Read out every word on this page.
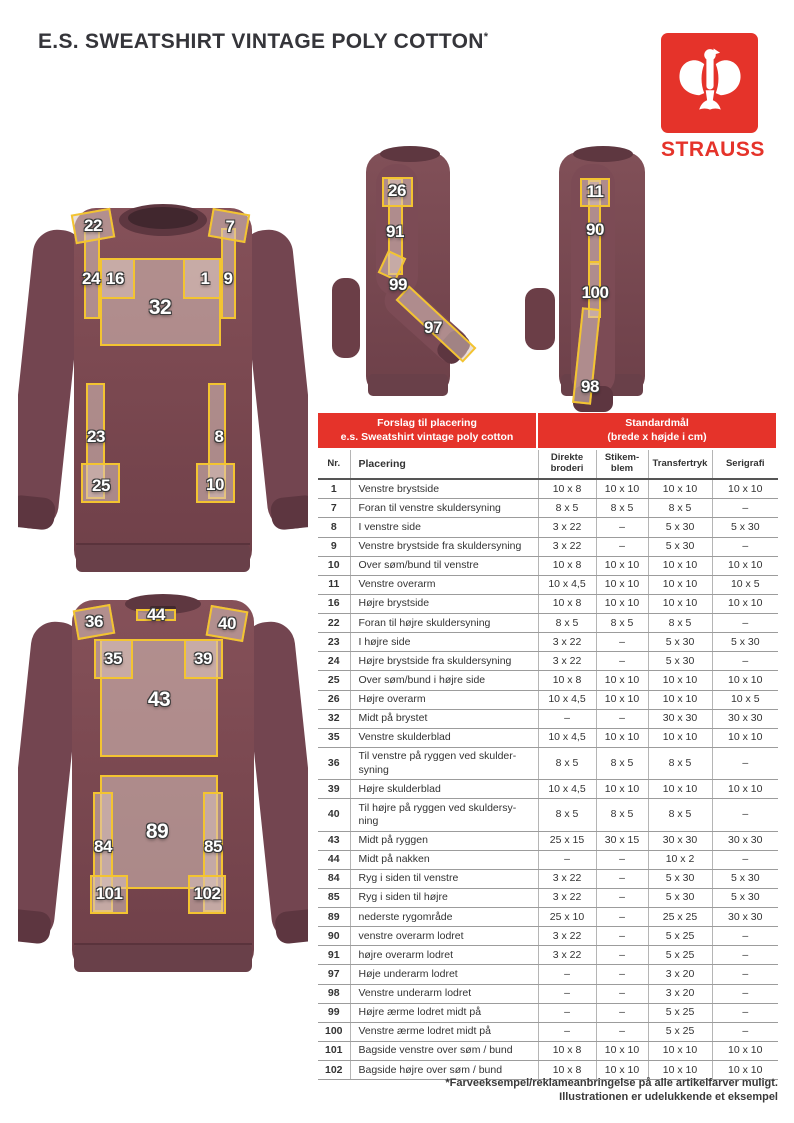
E.S. SWEATSHIRT VINTAGE POLY COTTON*
STRAUSS
24	9
32
16	1
22	7
23	8
25	10
43
35	39
36	44	40
89
84	85
101	102
91
26
99
97
90
11
100
98
Forslag til placering
e.s. Sweatshirt vintage poly cotton
Standardmål
(brede x højde i cm)
Nr.	Placering	Direkte broderi	Stikem-blem	Transfertryk	Serigrafi
1	Venstre brystside	10 x 8	10 x 10	10 x 10	10 x 10
7	Foran til venstre skuldersyning	8 x 5	8 x 5	8 x 5	–
8	I venstre side	3 x 22	–	5 x 30	5 x 30
9	Venstre brystside fra skuldersyning	3 x 22	–	5 x 30	–
10	Over søm/bund til venstre	10 x 8	10 x 10	10 x 10	10 x 10
11	Venstre overarm	10 x 4,5	10 x 10	10 x 10	10 x 5
16	Højre brystside	10 x 8	10 x 10	10 x 10	10 x 10
22	Foran til højre skuldersyning	8 x 5	8 x 5	8 x 5	–
23	I højre side	3 x 22	–	5 x 30	5 x 30
24	Højre brystside fra skuldersyning	3 x 22	–	5 x 30	–
25	Over søm/bund i højre side	10 x 8	10 x 10	10 x 10	10 x 10
26	Højre overarm	10 x 4,5	10 x 10	10 x 10	10 x 5
32	Midt på brystet	–	–	30 x 30	30 x 30
35	Venstre skulderblad	10 x 4,5	10 x 10	10 x 10	10 x 10
36	Til venstre på ryggen ved skulder-syning	8 x 5	8 x 5	8 x 5	–
39	Højre skulderblad	10 x 4,5	10 x 10	10 x 10	10 x 10
40	Til højre på ryggen ved skuldersy-ning	8 x 5	8 x 5	8 x 5	–
43	Midt på ryggen	25 x 15	30 x 15	30 x 30	30 x 30
44	Midt på nakken	–	–	10 x 2	–
84	Ryg i siden til venstre	3 x 22	–	5 x 30	5 x 30
85	Ryg i siden til højre	3 x 22	–	5 x 30	5 x 30
89	nederste rygområde	25 x 10	–	25 x 25	30 x 30
90	venstre overarm lodret	3 x 22	–	5 x 25	–
91	højre overarm lodret	3 x 22	–	5 x 25	–
97	Høje underarm lodret	–	–	3 x 20	–
98	Venstre underarm lodret	–	–	3 x 20	–
99	Højre ærme lodret midt på	–	–	5 x 25	–
100	Venstre ærme lodret midt på	–	–	5 x 25	–
101	Bagside venstre over søm / bund	10 x 8	10 x 10	10 x 10	10 x 10
102	Bagside højre over søm / bund	10 x 8	10 x 10	10 x 10	10 x 10
*Farveeksempel/reklameanbringelse på alle artikelfarver muligt.
Illustrationen er udelukkende et eksempel
